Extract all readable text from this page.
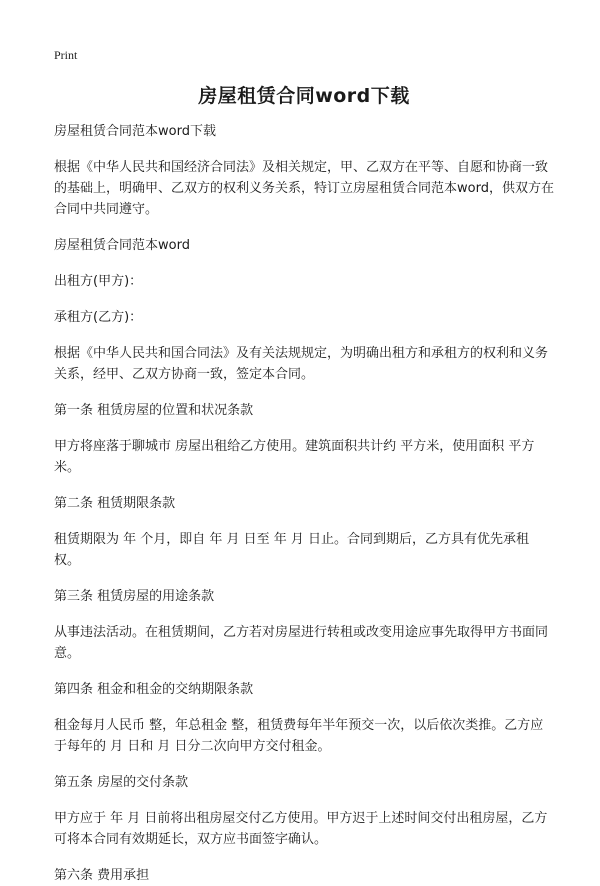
Print
房屋租赁合同word下载

房屋租赁合同范本word下载

根据《中华人民共和国经济合同法》及相关规定，甲、乙双方在平等、自愿和协商一致的基础上，明确甲、乙双方的权利义务关系，特订立房屋租赁合同范本word，供双方在合同中共同遵守。

房屋租赁合同范本word

出租方(甲方)：

承租方(乙方)：

根据《中华人民共和国合同法》及有关法规规定，为明确出租方和承租方的权利和义务关系，经甲、乙双方协商一致，签定本合同。

第一条 租赁房屋的位置和状况条款

甲方将座落于聊城市 房屋出租给乙方使用。建筑面积共计约 平方米，使用面积 平方米。

第二条 租赁期限条款

租赁期限为 年 个月，即自 年 月 日至 年 月 日止。合同到期后，乙方具有优先承租权。

第三条 租赁房屋的用途条款

从事违法活动。在租赁期间，乙方若对房屋进行转租或改变用途应事先取得甲方书面同意。

第四条 租金和租金的交纳期限条款

租金每月人民币 整，年总租金 整，租赁费每年半年预交一次，以后依次类推。乙方应于每年的 月 日和 月 日分二次向甲方交付租金。

第五条 房屋的交付条款

甲方应于 年 月 日前将出租房屋交付乙方使用。甲方迟于上述时间交付出租房屋，乙方可将本合同有效期延长，双方应书面签字确认。

第六条 费用承担
